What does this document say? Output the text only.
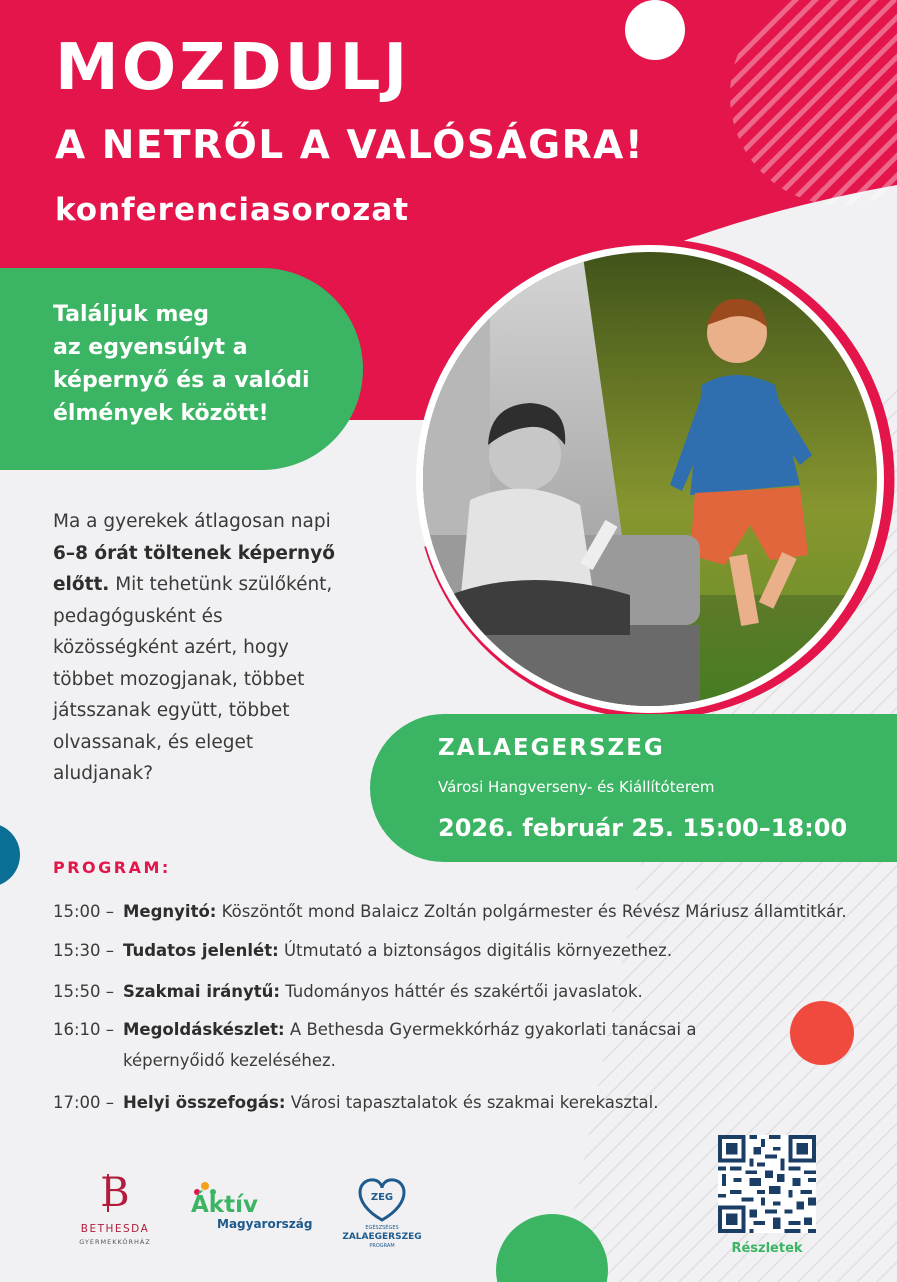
MOZDULJ
A NETRŐL A VALÓSÁGRA!
konferenciasorozat
Találjuk meg
az egyensúlyt a
képernyő és a valódi
élmények között!

Ma a gyerekek átlagosan napi 6–8 órát töltenek képernyő előtt. Mit tehetünk szülőként, pedagógusként és közösségként azért, hogy többet mozogjanak, többet játsszanak együtt, többet olvassanak, és eleget aludjanak?

ZALAEGERSZEG
Városi Hangverseny- és Kiállítóterem
2026. február 25. 15:00–18:00
PROGRAM:
15:00 – Megnyitó: Köszöntőt mond Balaicz Zoltán polgármester és Révész Máriusz államtitkár.
15:30 – Tudatos jelenlét: Útmutató a biztonságos digitális környezethez.
15:50 – Szakmai iránytű: Tudományos háttér és szakértői javaslatok.
16:10 – Megoldáskészlet: A Bethesda Gyermekkórház gyakorlati tanácsai a képernyőidő kezeléséhez.
17:00 – Helyi összefogás: Városi tapasztalatok és szakmai kerekasztal.
B
BETHESDA
GYERMEKKÓRHÁZ
Áktív
Magyarország
ZEG
EGÉSZSÉGES
ZALAEGERSZEG
PROGRAM	Részletek
